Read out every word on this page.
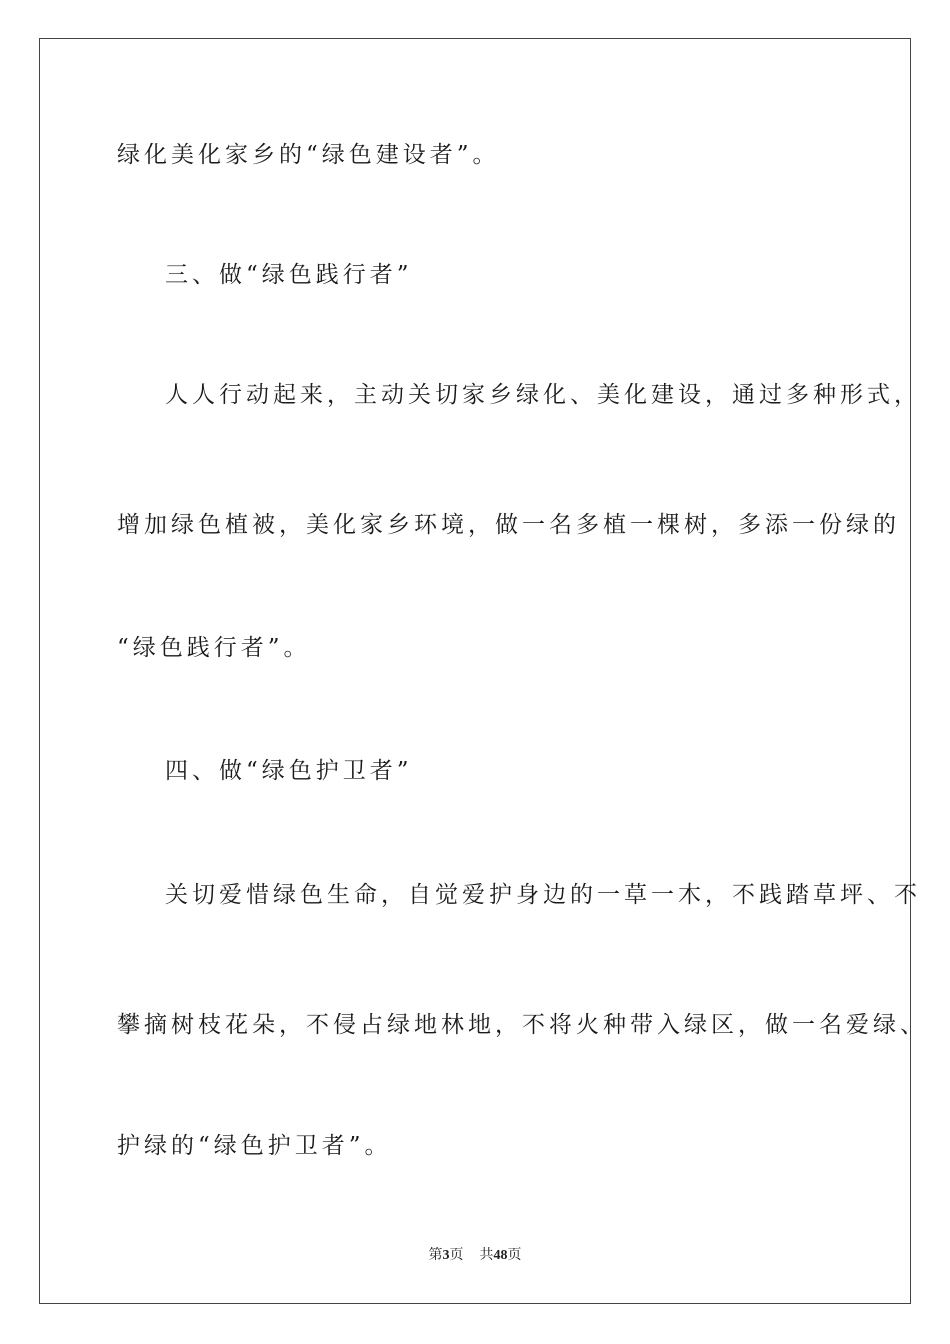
绿化美化家乡的“绿色建设者”。
三、做“绿色践行者”
人人行动起来，主动关切家乡绿化、美化建设，通过多种形式，
增加绿色植被，美化家乡环境，做一名多植一棵树，多添一份绿的
“绿色践行者”。
四、做“绿色护卫者”
关切爱惜绿色生命，自觉爱护身边的一草一木，不践踏草坪、不
攀摘树枝花朵，不侵占绿地林地，不将火种带入绿区，做一名爱绿、
护绿的“绿色护卫者”。
第3页 共48页
